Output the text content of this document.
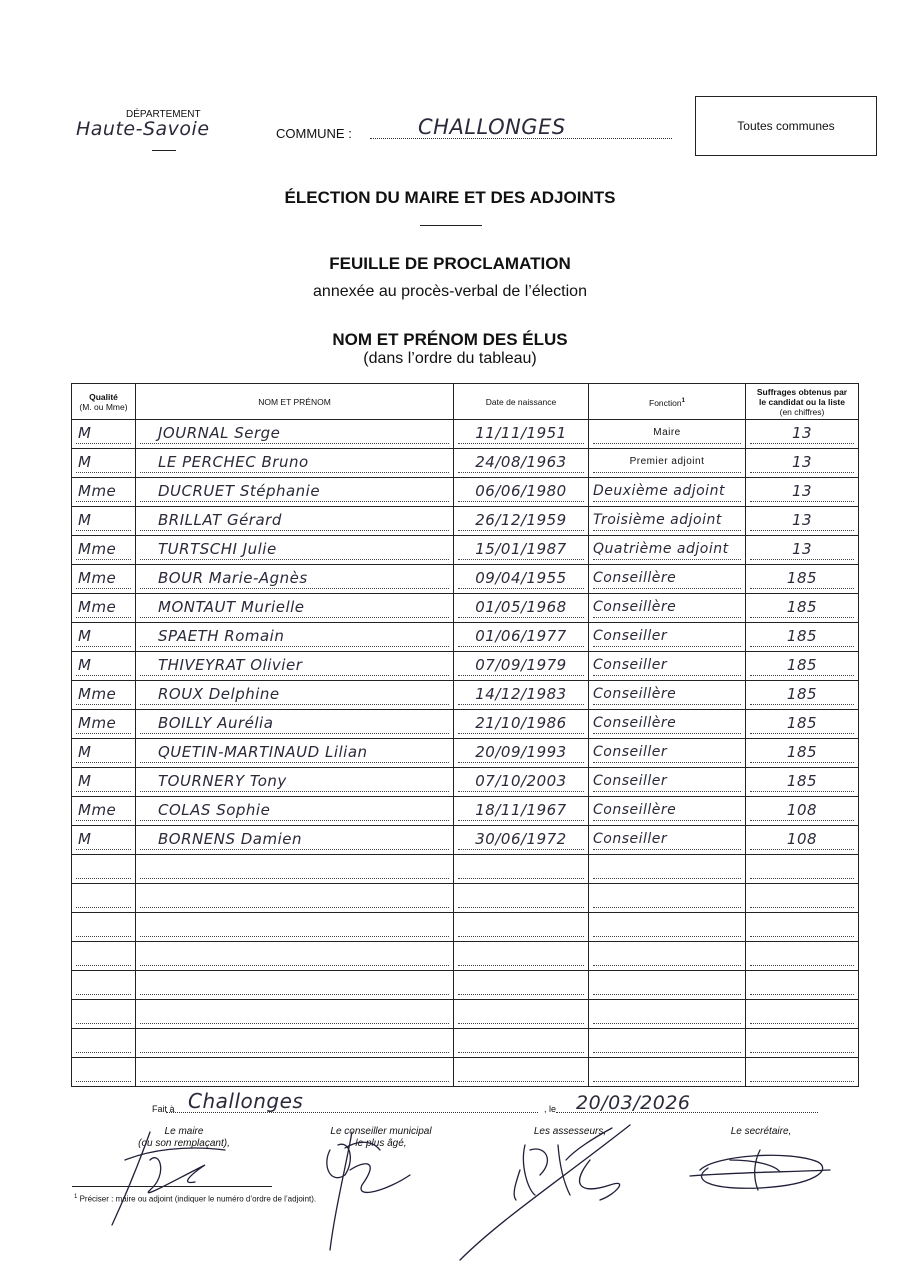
DÉPARTEMENT
Haute-Savoie	COMMUNE :	CHALLONGES	Toutes communes
ÉLECTION DU MAIRE ET DES ADJOINTS
FEUILLE DE PROCLAMATION
annexée au procès-verbal de l’élection
NOM ET PRÉNOM DES ÉLUS
(dans l’ordre du tableau)
Qualité
(M. ou Mme)	NOM ET PRÉNOM	Date de naissance	Fonction$^1$	Suffrages obtenus par
le candidat ou la liste
(en chiffres)

M	JOURNAL Serge	11/11/1951	Maire	13

M	LE PERCHEC Bruno	24/08/1963	Premier adjoint	13

Mme	DUCRUET Stéphanie	06/06/1980	Deuxième adjoint	13

M	BRILLAT Gérard	26/12/1959	Troisième adjoint	13

Mme	TURTSCHI Julie	15/01/1987	Quatrième adjoint	13

Mme	BOUR Marie-Agnès	09/04/1955	Conseillère	185

Mme	MONTAUT Murielle	01/05/1968	Conseillère	185

M	SPAETH Romain	01/06/1977	Conseiller	185

M	THIVEYRAT Olivier	07/09/1979	Conseiller	185

Mme	ROUX Delphine	14/12/1983	Conseillère	185

Mme	BOILLY Aurélia	21/10/1986	Conseillère	185

M	QUETIN-MARTINAUD Lilian	20/09/1993	Conseiller	185

M	TOURNERY Tony	07/10/2003	Conseiller	185

Mme	COLAS Sophie	18/11/1967	Conseillère	108

M	BORNENS Damien	30/06/1972	Conseiller	108

Fait à Challonges	, le 20/03/2026
Le maire
(ou son remplaçant),
Le conseiller municipal
le plus âgé,
Les assesseurs,	Le secrétaire,
$^1$ Préciser : maire ou adjoint (indiquer le numéro d’ordre de l’adjoint).
